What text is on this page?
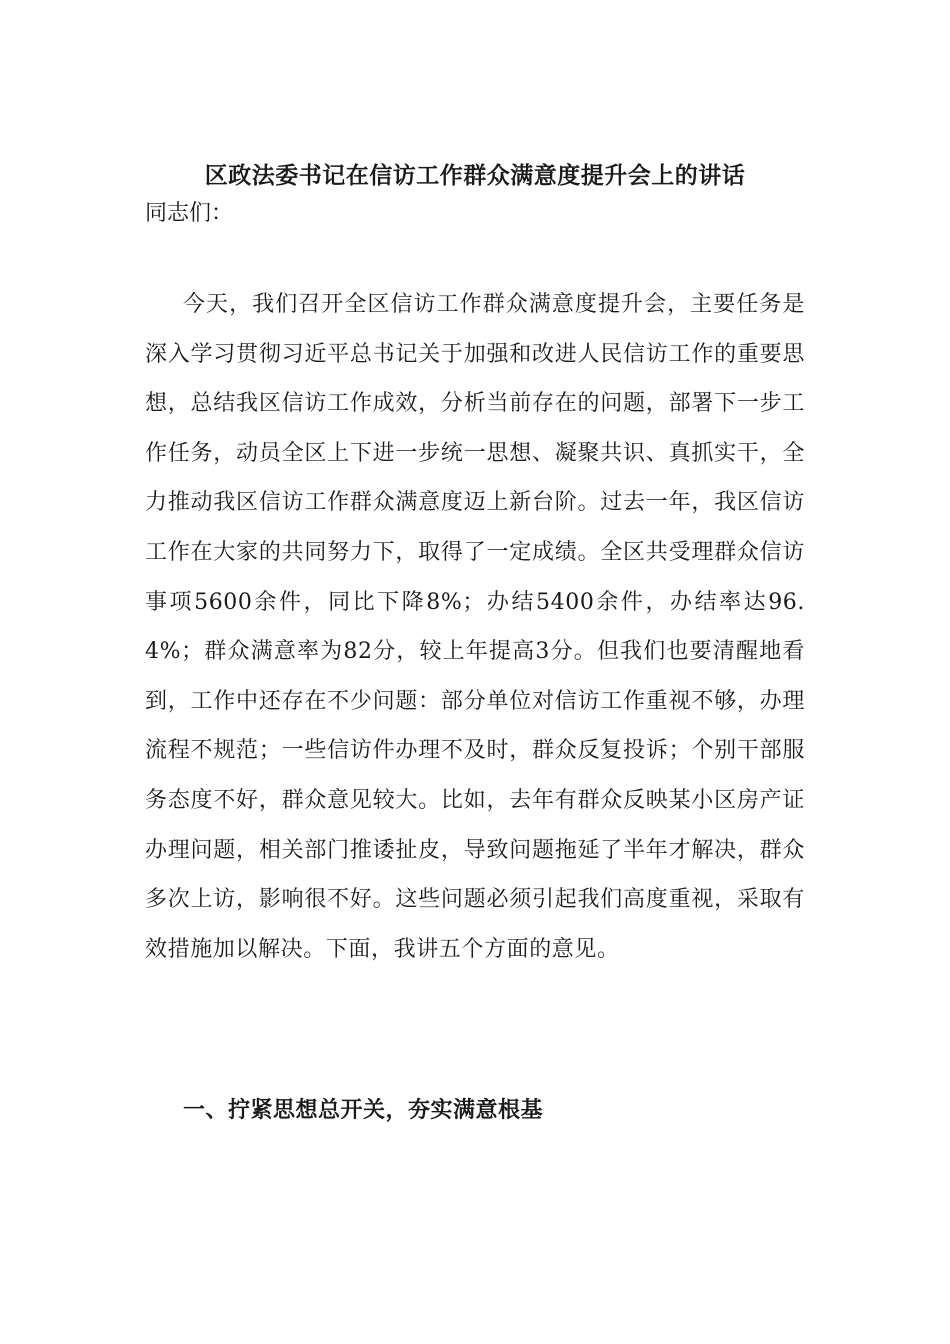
区政法委书记在信访工作群众满意度提升会上的讲话

同志们：

今天，我们召开全区信访工作群众满意度提升会，主要任务是深入学习贯彻习近平总书记关于加强和改进人民信访工作的重要思想，总结我区信访工作成效，分析当前存在的问题，部署下一步工作任务，动员全区上下进一步统一思想、凝聚共识、真抓实干，全力推动我区信访工作群众满意度迈上新台阶。过去一年，我区信访工作在大家的共同努力下，取得了一定成绩。全区共受理群众信访事项5600余件，同比下降8%；办结5400余件，办结率达96.4%；群众满意率为82分，较上年提高3分。但我们也要清醒地看到，工作中还存在不少问题：部分单位对信访工作重视不够，办理流程不规范；一些信访件办理不及时，群众反复投诉；个别干部服务态度不好，群众意见较大。比如，去年有群众反映某小区房产证办理问题，相关部门推诿扯皮，导致问题拖延了半年才解决，群众多次上访，影响很不好。这些问题必须引起我们高度重视，采取有效措施加以解决。下面，我讲五个方面的意见。

一、拧紧思想总开关，夯实满意根基
